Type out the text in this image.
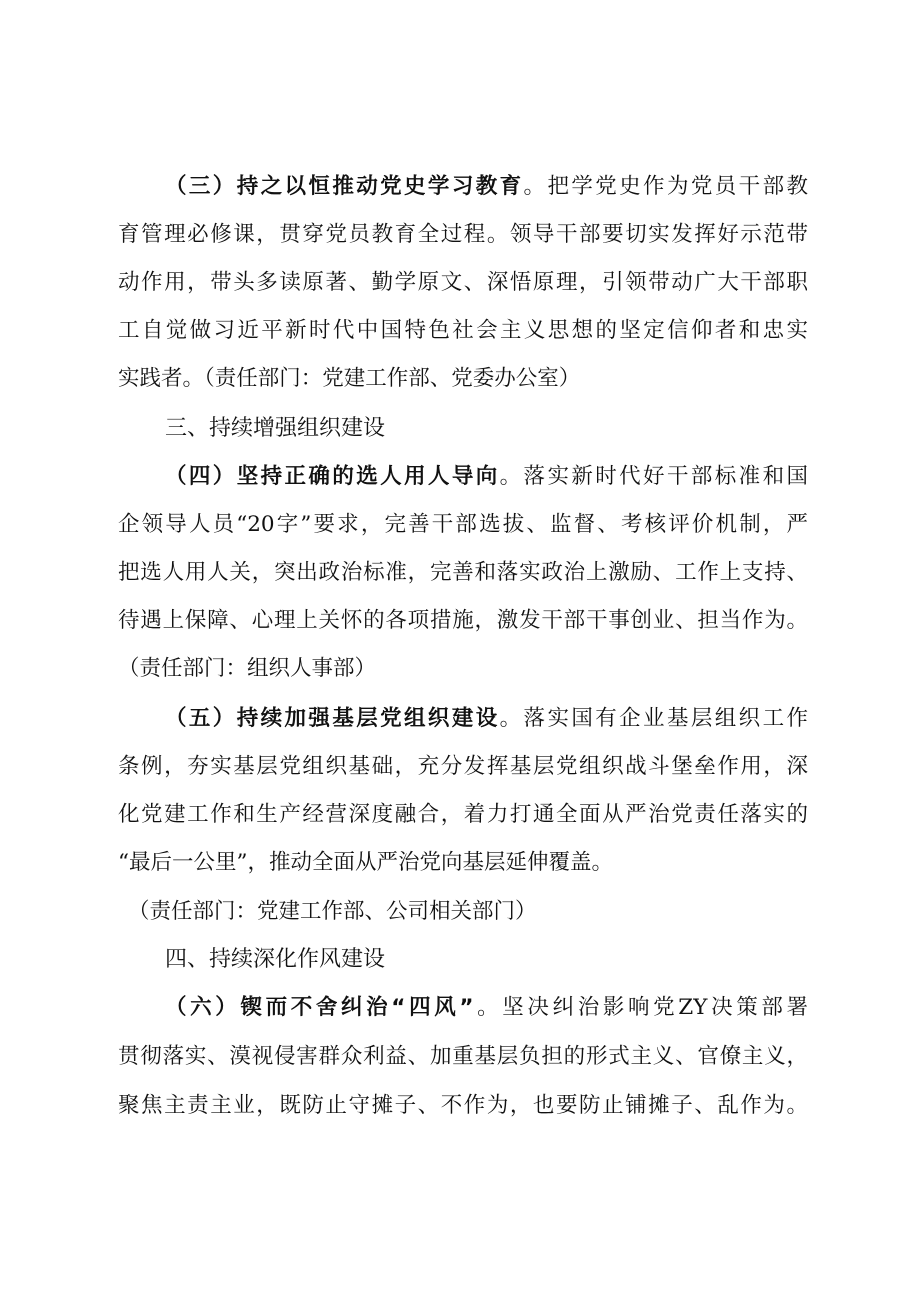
（三）持之以恒推动党史学习教育。把学党史作为党员干部教
育管理必修课，贯穿党员教育全过程。领导干部要切实发挥好示范带
动作用，带头多读原著、勤学原文、深悟原理，引领带动广大干部职
工自觉做习近平新时代中国特色社会主义思想的坚定信仰者和忠实
实践者。（责任部门：党建工作部、党委办公室）
三、持续增强组织建设
（四）坚持正确的选人用人导向。落实新时代好干部标准和国
企领导人员“20字”要求，完善干部选拔、监督、考核评价机制，严
把选人用人关，突出政治标准，完善和落实政治上激励、工作上支持、
待遇上保障、心理上关怀的各项措施，激发干部干事创业、担当作为。
（责任部门：组织人事部）
（五）持续加强基层党组织建设。落实国有企业基层组织工作
条例，夯实基层党组织基础，充分发挥基层党组织战斗堡垒作用，深
化党建工作和生产经营深度融合，着力打通全面从严治党责任落实的
“最后一公里”，推动全面从严治党向基层延伸覆盖。
（责任部门：党建工作部、公司相关部门）
四、持续深化作风建设
（六）锲而不舍纠治“四风”。坚决纠治影响党ZY决策部署
贯彻落实、漠视侵害群众利益、加重基层负担的形式主义、官僚主义，
聚焦主责主业，既防止守摊子、不作为，也要防止铺摊子、乱作为。
